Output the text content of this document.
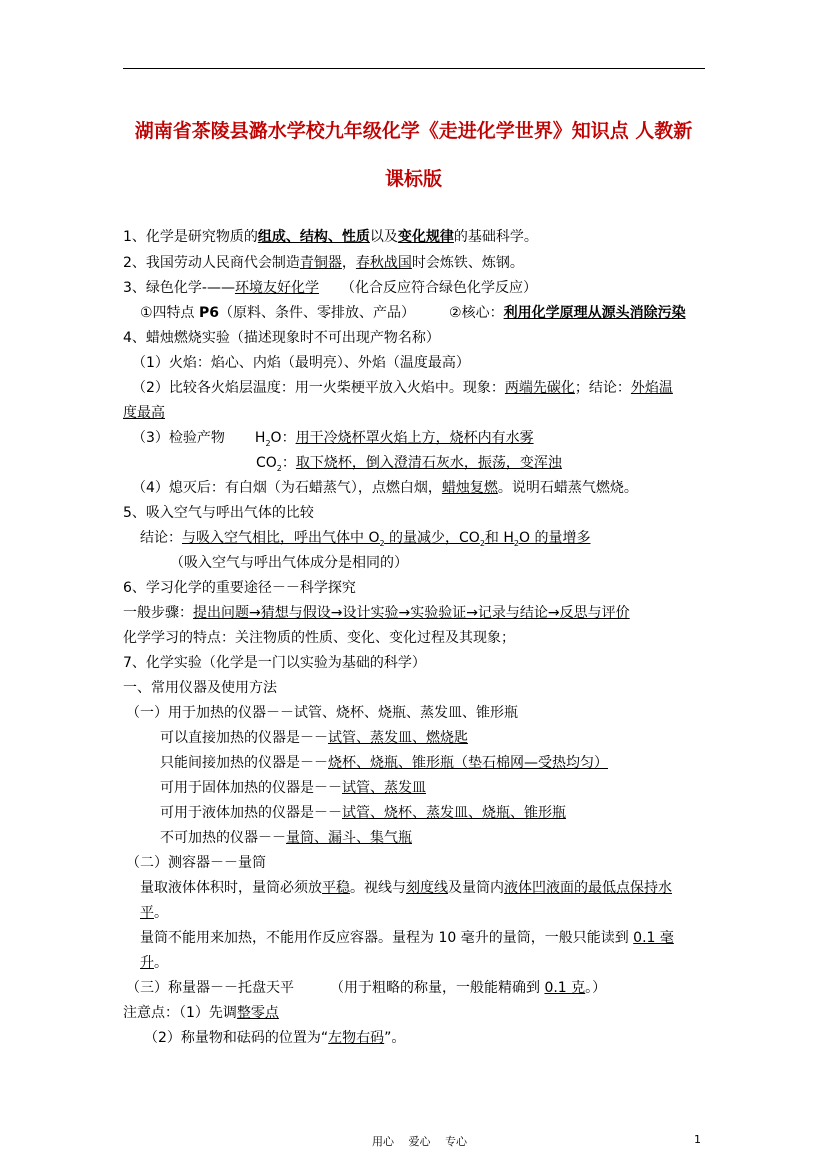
湖南省茶陵县潞水学校九年级化学《走进化学世界》知识点 人教新
课标版
1、化学是研究物质的组成、结构、性质以及变化规律的基础科学。
2、我国劳动人民商代会制造青铜器，春秋战国时会炼铁、炼钢。
3、绿色化学-——环境友好化学 （化合反应符合绿色化学反应）
①四特点 P6（原料、条件、零排放、产品） ②核心：利用化学原理从源头消除污染
4、蜡烛燃烧实验（描述现象时不可出现产物名称）
（1）火焰：焰心、内焰（最明亮）、外焰（温度最高）
（2）比较各火焰层温度：用一火柴梗平放入火焰中。现象：两端先碳化；结论：外焰温
度最高
（3）检验产物 $H_2O$：用干冷烧杯罩火焰上方，烧杯内有水雾
$CO_2$：取下烧杯，倒入澄清石灰水，振荡，变浑浊
（4）熄灭后：有白烟（为石蜡蒸气），点燃白烟，蜡烛复燃。说明石蜡蒸气燃烧。
5、吸入空气与呼出气体的比较
结论：与吸入空气相比，呼出气体中 $O_2$ 的量减少，$CO_2$和 $H_2O$ 的量增多
（吸入空气与呼出气体成分是相同的）
6、学习化学的重要途径－－科学探究
一般步骤：提出问题→猜想与假设→设计实验→实验验证→记录与结论→反思与评价
化学学习的特点：关注物质的性质、变化、变化过程及其现象；
7、化学实验（化学是一门以实验为基础的科学）
一、常用仪器及使用方法
（一）用于加热的仪器－－试管、烧杯、烧瓶、蒸发皿、锥形瓶
可以直接加热的仪器是－－试管、蒸发皿、燃烧匙
只能间接加热的仪器是－－烧杯、烧瓶、锥形瓶（垫石棉网—受热均匀）
可用于固体加热的仪器是－－试管、蒸发皿
可用于液体加热的仪器是－－试管、烧杯、蒸发皿、烧瓶、锥形瓶
不可加热的仪器－－量筒、漏斗、集气瓶
（二）测容器－－量筒
量取液体体积时，量筒必须放平稳。视线与刻度线及量筒内液体凹液面的最低点保持水
平。
量筒不能用来加热，不能用作反应容器。量程为 10 毫升的量筒，一般只能读到 0.1 毫
升。
（三）称量器－－托盘天平	（用于粗略的称量，一般能精确到 0.1 克。）
注意点：（1）先调整零点
（2）称量物和砝码的位置为“左物右码”。
用心　 爱心　 专心	1
